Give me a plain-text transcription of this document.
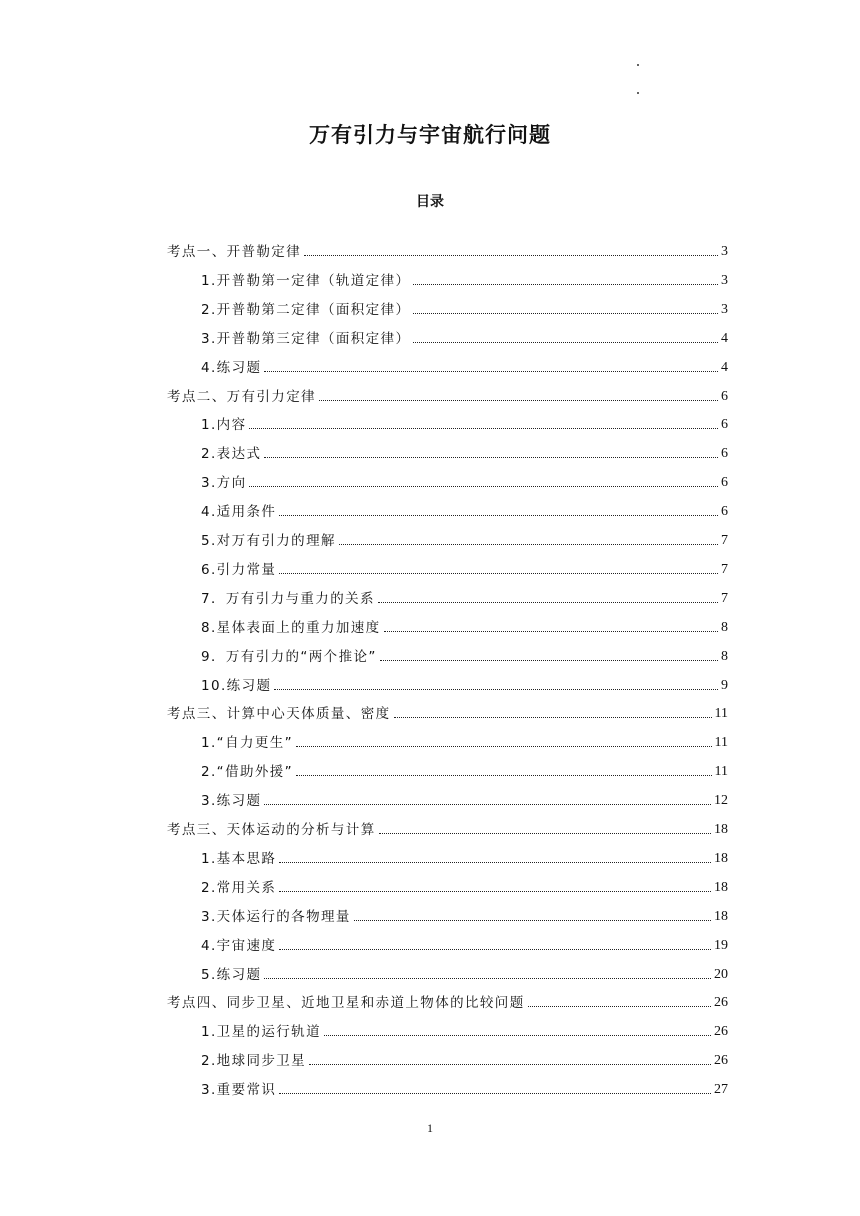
万有引力与宇宙航行问题
目录
考点一、开普勒定律	3
1.开普勒第一定律（轨道定律）	3
2.开普勒第二定律（面积定律）	3
3.开普勒第三定律（面积定律）	4
4.练习题	4
考点二、万有引力定律	6
1.内容	6
2.表达式	6
3.方向	6
4.适用条件	6
5.对万有引力的理解	7
6.引力常量	7
7．万有引力与重力的关系	7
8.星体表面上的重力加速度	8
9．万有引力的“两个推论”	8
10.练习题	9
考点三、计算中心天体质量、密度	11
1.“自力更生”	11
2.“借助外援”	11
3.练习题	12
考点三、天体运动的分析与计算	18
1.基本思路	18
2.常用关系	18
3.天体运行的各物理量	18
4.宇宙速度	19
5.练习题	20
考点四、同步卫星、近地卫星和赤道上物体的比较问题	26
1.卫星的运行轨道	26
2.地球同步卫星	26
3.重要常识	27
1
